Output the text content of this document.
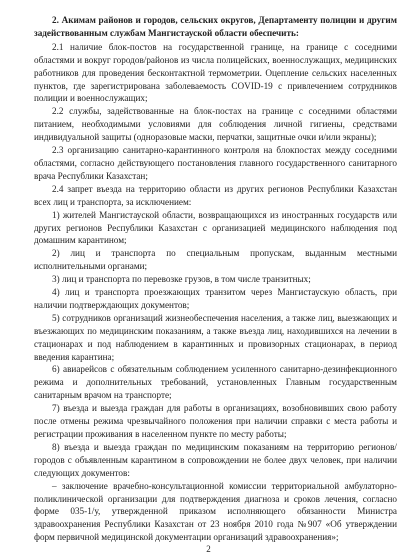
2. Акимам районов и городов, сельских округов, Департаменту полиции и другим задействованным службам Мангистауской области обеспечить:

2.1 наличие блок-постов на государственной границе, на границе с соседними областями и вокруг городов/районов из числа полицейских, военнослужащих, медицинских работников для проведения бесконтактной термометрии. Оцепление сельских населенных пунктов, где зарегистрирована заболеваемость COVID-19 с привлечением сотрудников полиции и военнослужащих;

2.2 службы, задействованные на блок-постах на границе с соседними областями питанием, необходимыми условиями для соблюдения личной гигиены, средствами индивидуальной защиты (одноразовые маски, перчатки, защитные очки и/или экраны);

2.3 организацию санитарно-карантинного контроля на блокпостах между соседними областями, согласно действующего постановления главного государственного санитарного врача Республики Казахстан;

2.4 запрет въезда на территорию области из других регионов Республики Казахстан всех лиц и транспорта, за исключением:

1) жителей Мангистауской области, возвращающихся из иностранных государств или других регионов Республики Казахстан с организацией медицинского наблюдения под домашним карантином;

2) лиц и транспорта по специальным пропускам, выданным местными исполнительными органами;

3) лиц и транспорта по перевозке грузов, в том числе транзитных;

4) лиц и транспорта проезжающих транзитом через Мангистаускую область, при наличии подтверждающих документов;

5) сотрудников организаций жизнеобеспечения населения, а также лиц, выезжающих и въезжающих по медицинским показаниям, а также въезда лиц, находившихся на лечении в стационарах и под наблюдением в карантинных и провизорных стационарах, в период введения карантина;

6) авиарейсов с обязательным соблюдением усиленного санитарно-дезинфекционного режима и дополнительных требований, установленных Главным государственным санитарным врачом на транспорте;

7) въезда и выезда граждан для работы в организациях, возобновивших свою работу после отмены режима чрезвычайного положения при наличии справки с места работы и регистрации проживания в населенном пункте по месту работы;

8) въезда и выезда граждан по медицинским показаниям на территорию регионов/городов с объявленным карантином в сопровождении не более двух человек, при наличии следующих документов:

– заключение врачебно-консультационной комиссии территориальной амбулаторно-поликлинической организации для подтверждения диагноза и сроков лечения, согласно форме 035-1/у, утвержденной приказом исполняющего обязанности Министра здравоохранения Республики Казахстан от 23 ноября 2010 года №907 «Об утверждении форм первичной медицинской документации организаций здравоохранения»;

2
